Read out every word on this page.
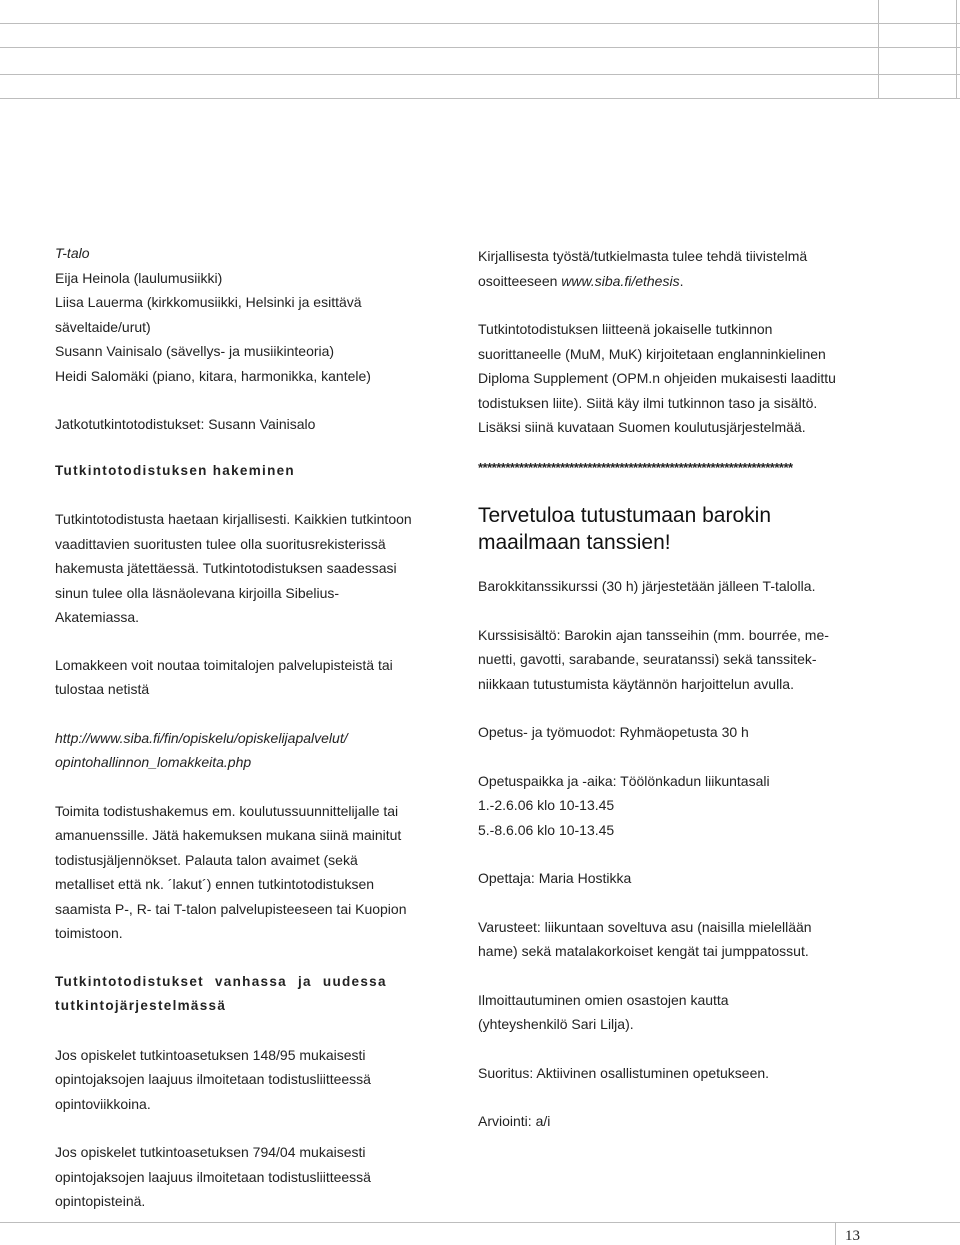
T-talo

Eija Heinola (laulumusiikki)

Liisa Lauerma (kirkkomusiikki, Helsinki ja esittävä

säveltaide/urut)

Susann Vainisalo (sävellys- ja musiikinteoria)

Heidi Salomäki (piano, kitara, harmonikka, kantele)

Jatkotutkintotodistukset: Susann Vainisalo

Tutkintotodistuksen hakeminen

Tutkintotodistusta haetaan kirjallisesti. Kaikkien tutkintoon

vaadittavien suoritusten tulee olla suoritusrekisterissä

hakemusta jätettäessä. Tutkintotodistuksen saadessasi

sinun tulee olla läsnäolevana kirjoilla Sibelius-

Akatemiassa.

Lomakkeen voit noutaa toimitalojen palvelupisteistä tai

tulostaa netistä

http://www.siba.fi/fin/opiskelu/opiskelijapalvelut/

opintohallinnon_lomakkeita.php

Toimita todistushakemus em. koulutussuunnittelijalle tai

amanuenssille. Jätä hakemuksen mukana siinä mainitut

todistusjäljennökset. Palauta talon avaimet (sekä

metalliset että nk. ´lakut´) ennen tutkintotodistuksen

saamista P-, R- tai T-talon palvelupisteeseen tai Kuopion

toimistoon.

Tutkintotodistukset vanhassa ja uudessa

tutkintojärjestelmässä

Jos opiskelet tutkintoasetuksen 148/95 mukaisesti

opintojaksojen laajuus ilmoitetaan todistusliitteessä

opintoviikkoina.

Jos opiskelet tutkintoasetuksen 794/04 mukaisesti

opintojaksojen laajuus ilmoitetaan todistusliitteessä

opintopisteinä.

Kirjallisesta työstä/tutkielmasta tulee tehdä tiivistelmä

osoitteeseen www.siba.fi/ethesis.

Tutkintotodistuksen liitteenä jokaiselle tutkinnon

suorittaneelle (MuM, MuK) kirjoitetaan englanninkielinen

Diploma Supplement (OPM.n ohjeiden mukaisesti laadittu

todistuksen liite). Siitä käy ilmi tutkinnon taso ja sisältö.

Lisäksi siinä kuvataan Suomen koulutusjärjestelmää.

*********************************************************************

Tervetuloa tutustumaan barokin

maailmaan tanssien!

Barokkitanssikurssi (30 h) järjestetään jälleen T-talolla.

Kurssisisältö: Barokin ajan tansseihin (mm. bourrée, me-

nuetti, gavotti, sarabande, seuratanssi) sekä tanssitek-

niikkaan tutustumista käytännön harjoittelun avulla.

Opetus- ja työmuodot: Ryhmäopetusta 30 h

Opetuspaikka ja -aika: Töölönkadun liikuntasali

1.-2.6.06 klo 10-13.45

5.-8.6.06 klo 10-13.45

Opettaja: Maria Hostikka

Varusteet: liikuntaan soveltuva asu (naisilla mielellään

hame) sekä matalakorkoiset kengät tai jumppatossut.

Ilmoittautuminen omien osastojen kautta

(yhteyshenkilö Sari Lilja).

Suoritus: Aktiivinen osallistuminen opetukseen.

Arviointi: a/i

13
